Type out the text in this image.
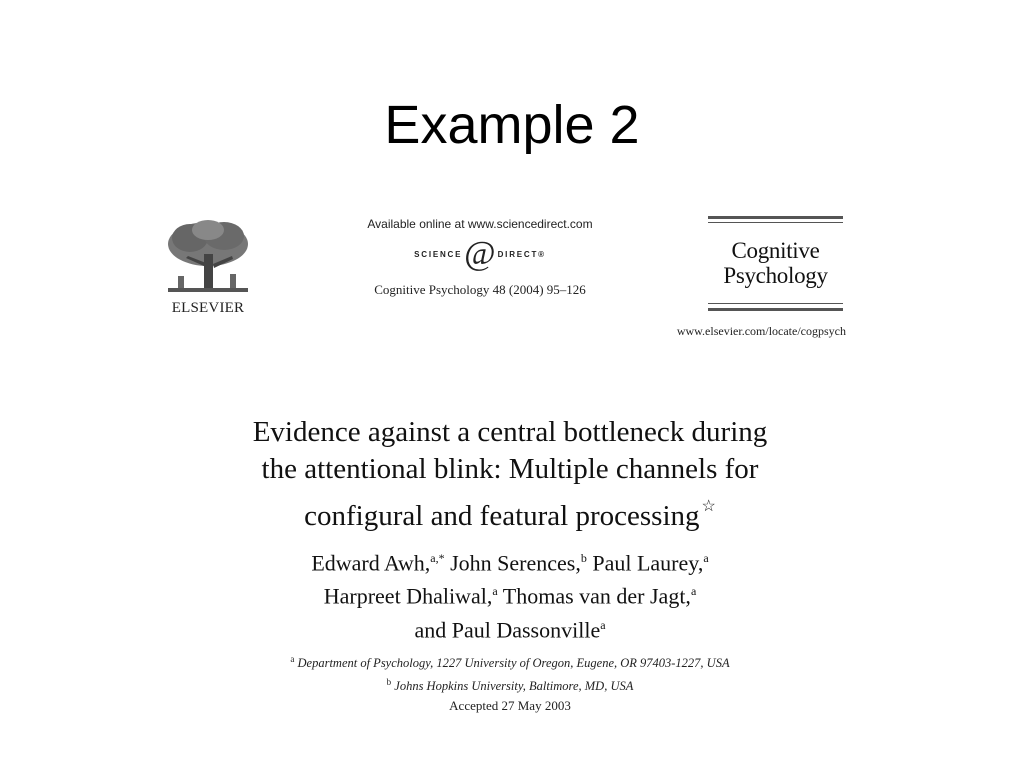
Example 2
ELSEVIER
Available online at www.sciencedirect.com
SCIENCE @ DIRECT ®
Cognitive Psychology 48 (2004) 95–126
Cognitive
Psychology
www.elsevier.com/locate/cogpsych
Evidence against a central bottleneck during
the attentional blink: Multiple channels for
configural and featural processing ☆
Edward Awh,$^{a,*}$ John Serences,$^b$ Paul Laurey,$^a$
Harpreet Dhaliwal,$^a$ Thomas van der Jagt,$^a$
and Paul Dassonville$^a$
$^a$ Department of Psychology, 1227 University of Oregon, Eugene, OR 97403-1227, USA
$^b$ Johns Hopkins University, Baltimore, MD, USA
Accepted 27 May 2003
